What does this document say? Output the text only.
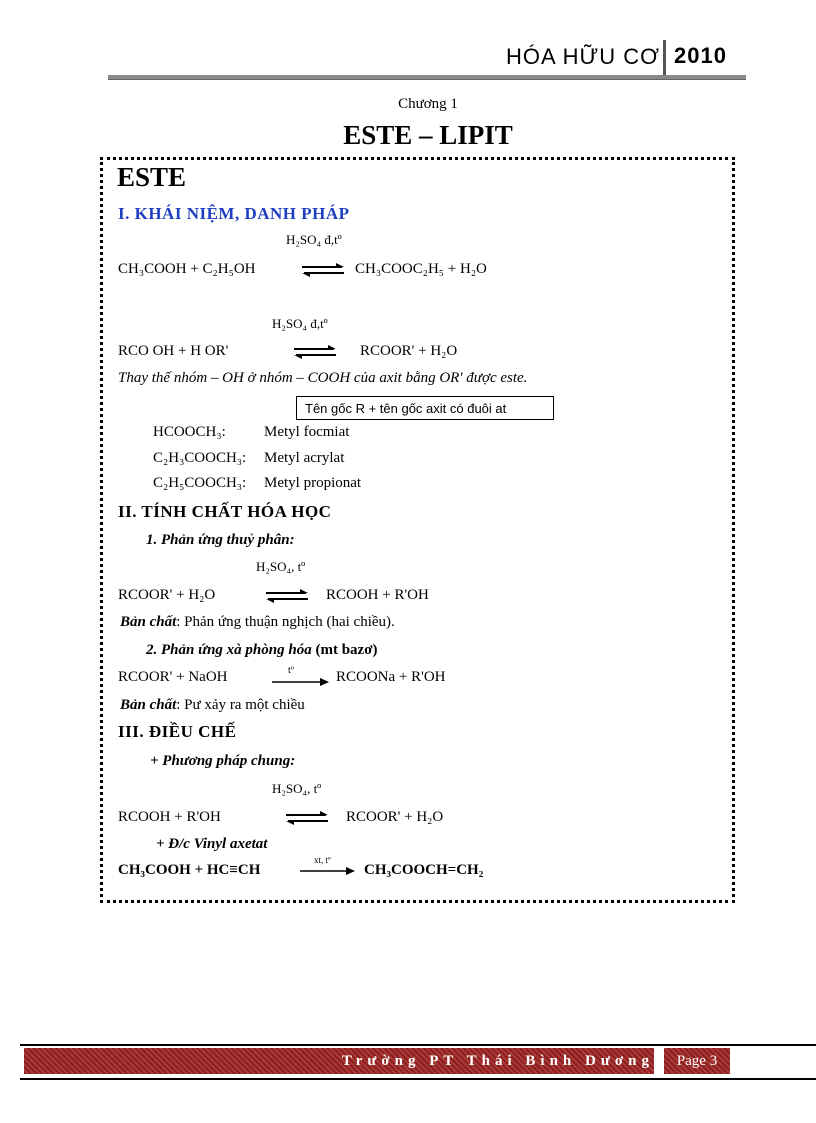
HÓA HỮU CƠ 2010
Chương 1
ESTE – LIPIT
ESTE
I. KHÁI NIỆM, DANH PHÁP
H₂SO₄ đ,tº
CH₃COOH + C₂H₅OH	CH₃COOC₂H₅ + H₂O
H₂SO₄ đ,tº
RCO OH + H OR'	RCOOR' + H₂O
Thay thế nhóm – OH ở nhóm – COOH của axit bằng OR' được este.
Tên gốc R + tên gốc axit có đuôi at
HCOOCH₃:	Metyl focmiat
C₂H₃COOCH₃: Metyl acrylat
C₂H₅COOCH₃: Metyl propionat
II. TÍNH CHẤT HÓA HỌC
1. Phản ứng thuỷ phân:
H₂SO₄, tº
RCOOR' + H₂O	RCOOH + R'OH
Bản chất: Phản ứng thuận nghịch (hai chiều).
2. Phản ứng xà phòng hóa (mt bazơ)
RCOOR' + NaOH	tº	RCOONa + R'OH
Bản chất: Pư xảy ra một chiều
III. ĐIỀU CHẾ
+ Phương pháp chung:
H₂SO₄, tº
RCOOH + R'OH	RCOOR' + H₂O
+ Đ/c Vinyl axetat
CH₃COOH + HC≡CH
xt, tº
CH₃COOCH=CH₂
Trường PT Thái Bình Dương	Page 3
